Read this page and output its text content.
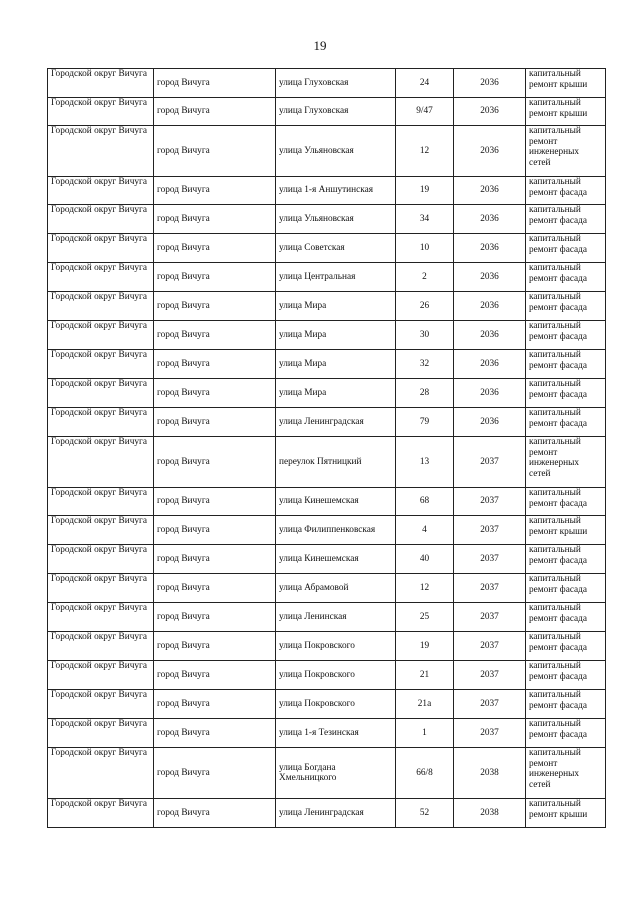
19
Городской округ Вичуга	город Вичуга	улица Глуховская	24	2036	капитальный ремонт крыши
Городской округ Вичуга	город Вичуга	улица Глуховская	9/47	2036	капитальный ремонт крыши
Городской округ Вичуга	город Вичуга	улица Ульяновская	12	2036	капитальный ремонт инженерных сетей
Городской округ Вичуга	город Вичуга	улица 1-я Аншутинская	19	2036	капитальный ремонт фасада
Городской округ Вичуга	город Вичуга	улица Ульяновская	34	2036	капитальный ремонт фасада
Городской округ Вичуга	город Вичуга	улица Советская	10	2036	капитальный ремонт фасада
Городской округ Вичуга	город Вичуга	улица Центральная	2	2036	капитальный ремонт фасада
Городской округ Вичуга	город Вичуга	улица Мира	26	2036	капитальный ремонт фасада
Городской округ Вичуга	город Вичуга	улица Мира	30	2036	капитальный ремонт фасада
Городской округ Вичуга	город Вичуга	улица Мира	32	2036	капитальный ремонт фасада
Городской округ Вичуга	город Вичуга	улица Мира	28	2036	капитальный ремонт фасада
Городской округ Вичуга	город Вичуга	улица Ленинградская	79	2036	капитальный ремонт фасада
Городской округ Вичуга	город Вичуга	переулок Пятницкий	13	2037	капитальный ремонт инженерных сетей
Городской округ Вичуга	город Вичуга	улица Кинешемская	68	2037	капитальный ремонт фасада
Городской округ Вичуга	город Вичуга	улица Филиппенковская	4	2037	капитальный ремонт крыши
Городской округ Вичуга	город Вичуга	улица Кинешемская	40	2037	капитальный ремонт фасада
Городской округ Вичуга	город Вичуга	улица Абрамовой	12	2037	капитальный ремонт фасада
Городской округ Вичуга	город Вичуга	улица Ленинская	25	2037	капитальный ремонт фасада
Городской округ Вичуга	город Вичуга	улица Покровского	19	2037	капитальный ремонт фасада
Городской округ Вичуга	город Вичуга	улица Покровского	21	2037	капитальный ремонт фасада
Городской округ Вичуга	город Вичуга	улица Покровского	21а	2037	капитальный ремонт фасада
Городской округ Вичуга	город Вичуга	улица 1-я Тезинская	1	2037	капитальный ремонт фасада
Городской округ Вичуга	город Вичуга	улица Богдана Хмельницкого	66/8	2038	капитальный ремонт инженерных сетей
Городской округ Вичуга	город Вичуга	улица Ленинградская	52	2038	капитальный ремонт крыши
